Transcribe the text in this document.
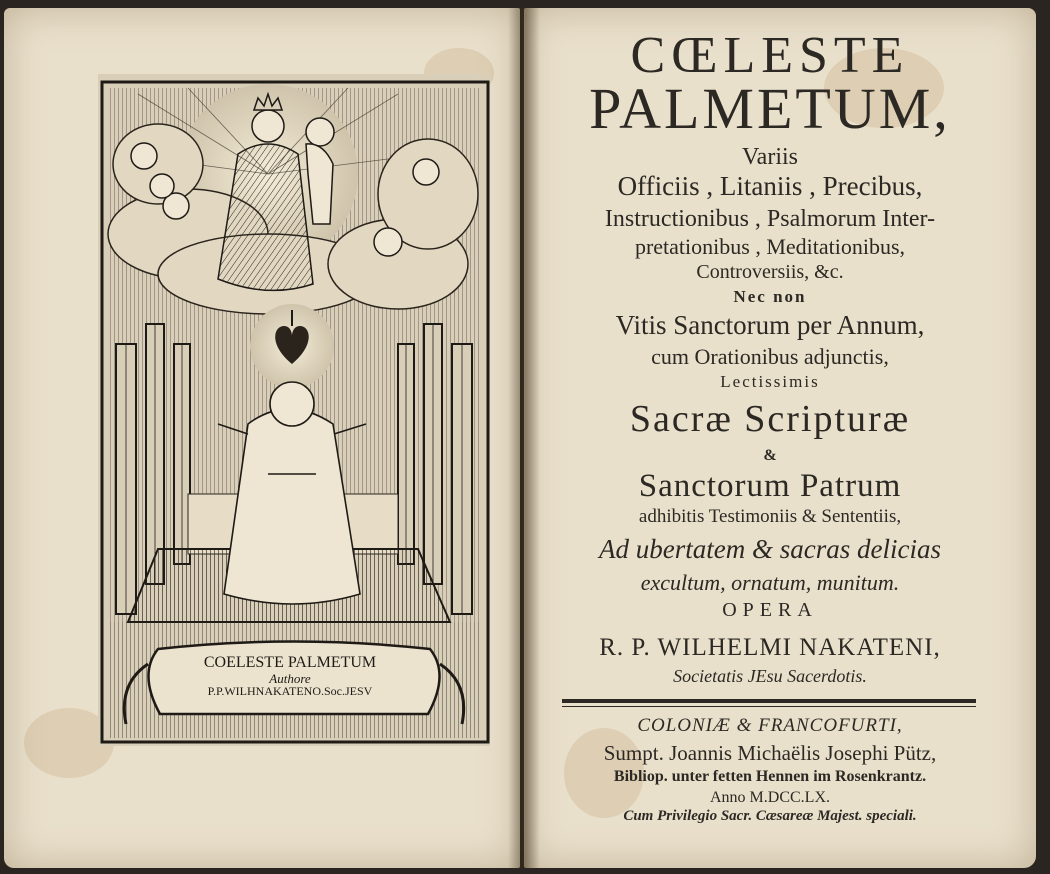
COELESTE PALMETUM
Authore
P.P.WILHNAKATENO.Soc.JESV
CŒLESTE
PALMETUM,
Variis
Officiis , Litaniis , Precibus,
Instructionibus , Psalmorum Inter-
pretationibus , Meditationibus,
Controversiis, &c.
Nec non
Vitis Sanctorum per Annum,
cum Orationibus adjunctis,
Lectissimis
Sacræ Scripturæ
&
Sanctorum Patrum
adhibitis Testimoniis & Sententiis,
Ad ubertatem & sacras delicias
excultum, ornatum, munitum.
OPERA
R. P. WILHELMI NAKATENI,
Societatis JEsu Sacerdotis.
COLONIÆ & FRANCOFURTI,
Sumpt. Joannis Michaëlis Josephi Pütz,
Bibliop. unter fetten Hennen im Rosenkrantz.
Anno M.DCC.LX.
Cum Privilegio Sacr. Cæsareæ Majest. speciali.
